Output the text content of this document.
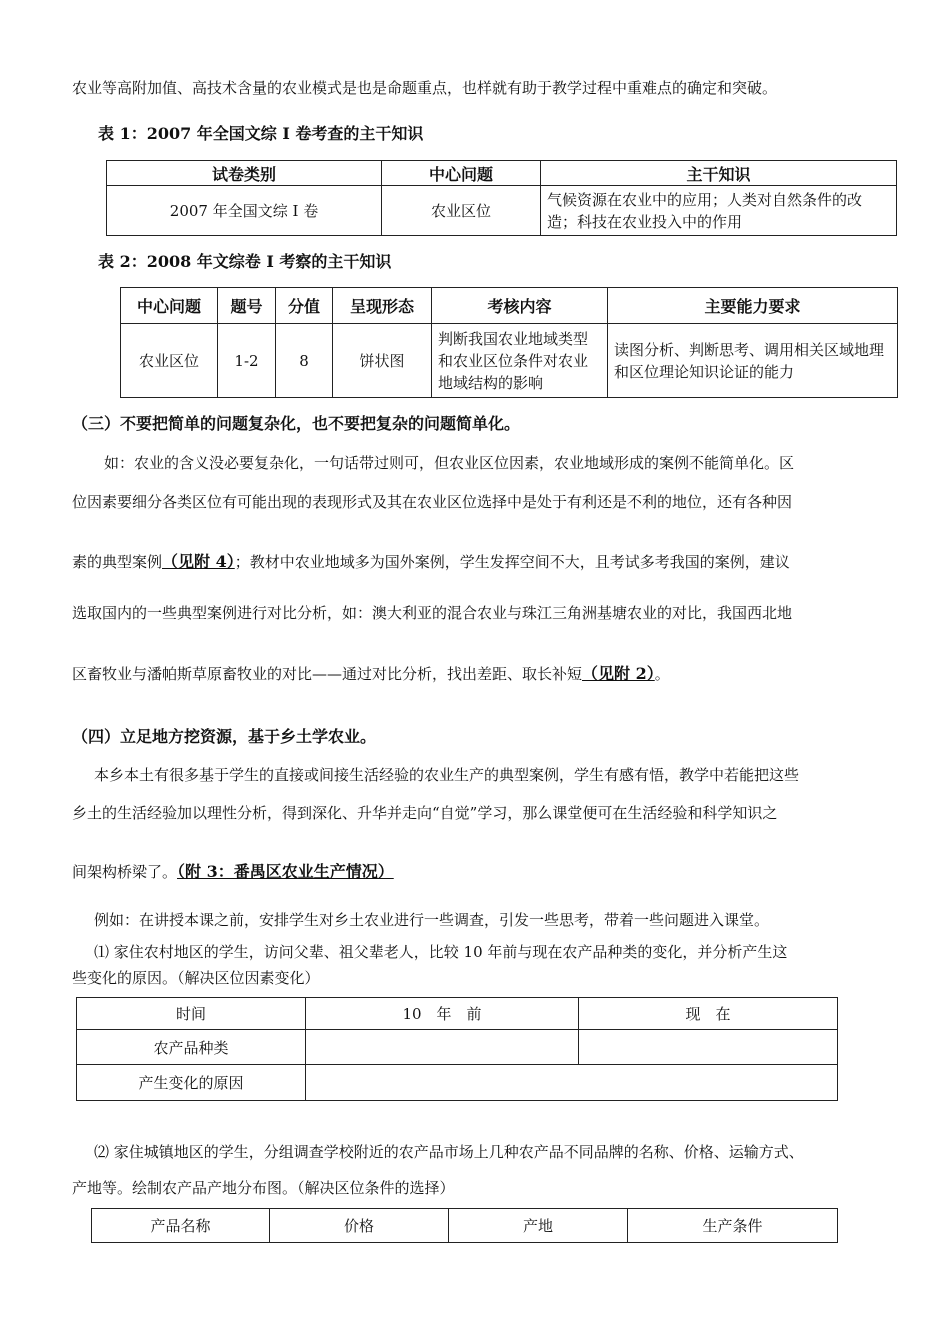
农业等高附加值、高技术含量的农业模式是也是命题重点，也样就有助于教学过程中重难点的确定和突破。
表 1：2007 年全国文综 I 卷考查的主干知识
试卷类别	中心问题	主干知识
2007 年全国文综 I 卷	农业区位	气候资源在农业中的应用；人类对自然条件的改造；科技在农业投入中的作用
表 2：2008 年文综卷 I 考察的主干知识
中心问题	题号	分值	呈现形态	考核内容	主要能力要求
农业区位	1-2	8	饼状图	判断我国农业地域类型和农业区位条件对农业地域结构的影响	读图分析、判断思考、调用相关区域地理和区位理论知识论证的能力
（三）不要把简单的问题复杂化，也不要把复杂的问题简单化。
如：农业的含义没必要复杂化，一句话带过则可，但农业区位因素，农业地域形成的案例不能简单化。区
位因素要细分各类区位有可能出现的表现形式及其在农业区位选择中是处于有利还是不利的地位，还有各种因
素的典型案例（见附 4）；教材中农业地域多为国外案例，学生发挥空间不大，且考试多考我国的案例，建议
选取国内的一些典型案例进行对比分析，如：澳大利亚的混合农业与珠江三角洲基塘农业的对比，我国西北地
区畜牧业与潘帕斯草原畜牧业的对比——通过对比分析，找出差距、取长补短（见附 2）。
（四）立足地方挖资源，基于乡土学农业。
本乡本土有很多基于学生的直接或间接生活经验的农业生产的典型案例，学生有感有悟，教学中若能把这些
乡土的生活经验加以理性分析，得到深化、升华并走向“自觉”学习，那么课堂便可在生活经验和科学知识之
间架构桥梁了。（附 3：番禺区农业生产情况）
例如：在讲授本课之前，安排学生对乡土农业进行一些调查，引发一些思考，带着一些问题进入课堂。
⑴ 家住农村地区的学生，访问父辈、祖父辈老人，比较 10 年前与现在农产品种类的变化，并分析产生这
些变化的原因。（解决区位因素变化）
时间	10　年　前	现　在
农产品种类		
产生变化的原因		
⑵ 家住城镇地区的学生，分组调查学校附近的农产品市场上几种农产品不同品牌的名称、价格、运输方式、
产地等。绘制农产品产地分布图。（解决区位条件的选择）
产品名称	价格	产地	生产条件
